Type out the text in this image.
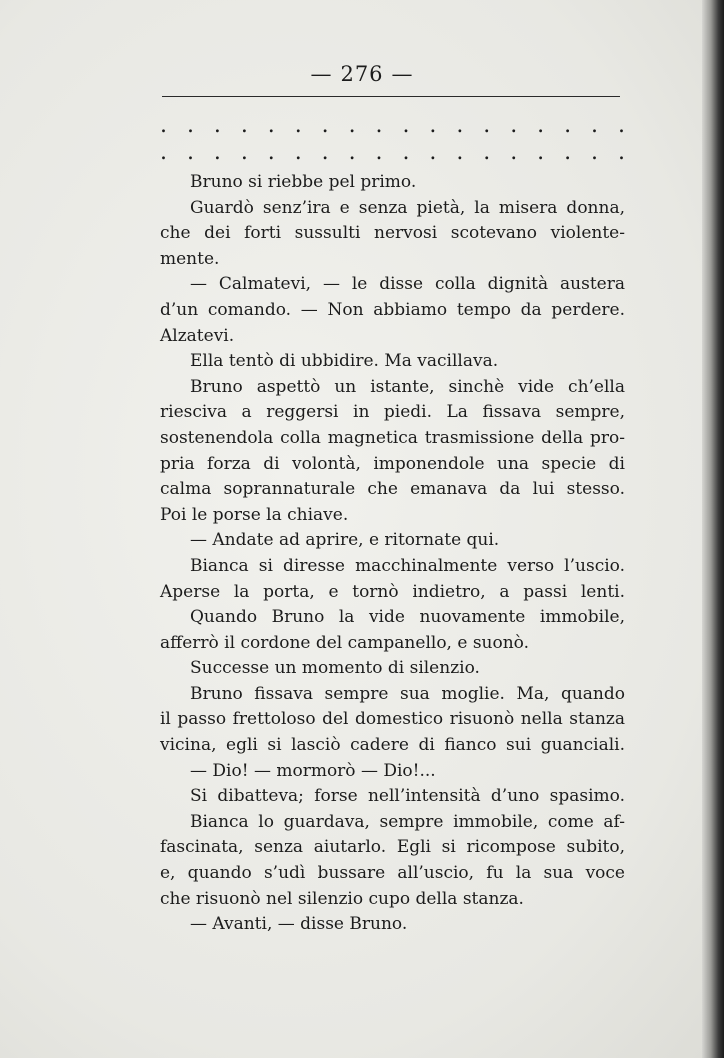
— 276 —
. . . . . . . . . . . . . . . . . .
. . . . . . . . . . . . . . . . . .
Bruno si riebbe pel primo.
Guardò senz’ira e senza pietà, la misera donna,
che dei forti sussulti nervosi scotevano violente-
mente.
— Calmatevi, — le disse colla dignità austera
d’un comando. — Non abbiamo tempo da perdere.
Alzatevi.
Ella tentò di ubbidire. Ma vacillava.
Bruno aspettò un istante, sinchè vide ch’ella
riesciva a reggersi in piedi. La fissava sempre,
sostenendola colla magnetica trasmissione della pro-
pria forza di volontà, imponendole una specie di
calma soprannaturale che emanava da lui stesso.
Poi le porse la chiave.
— Andate ad aprire, e ritornate qui.
Bianca si diresse macchinalmente verso l’uscio.
Aperse la porta, e tornò indietro, a passi lenti.
Quando Bruno la vide nuovamente immobile,
afferrò il cordone del campanello, e suonò.
Successe un momento di silenzio.
Bruno fissava sempre sua moglie. Ma, quando
il passo frettoloso del domestico risuonò nella stanza
vicina, egli si lasciò cadere di fianco sui guanciali.
— Dio! — mormorò — Dio!...
Si dibatteva; forse nell’intensità d’uno spasimo.
Bianca lo guardava, sempre immobile, come af-
fascinata, senza aiutarlo. Egli si ricompose subito,
e, quando s’udì bussare all’uscio, fu la sua voce
che risuonò nel silenzio cupo della stanza.
— Avanti, — disse Bruno.
